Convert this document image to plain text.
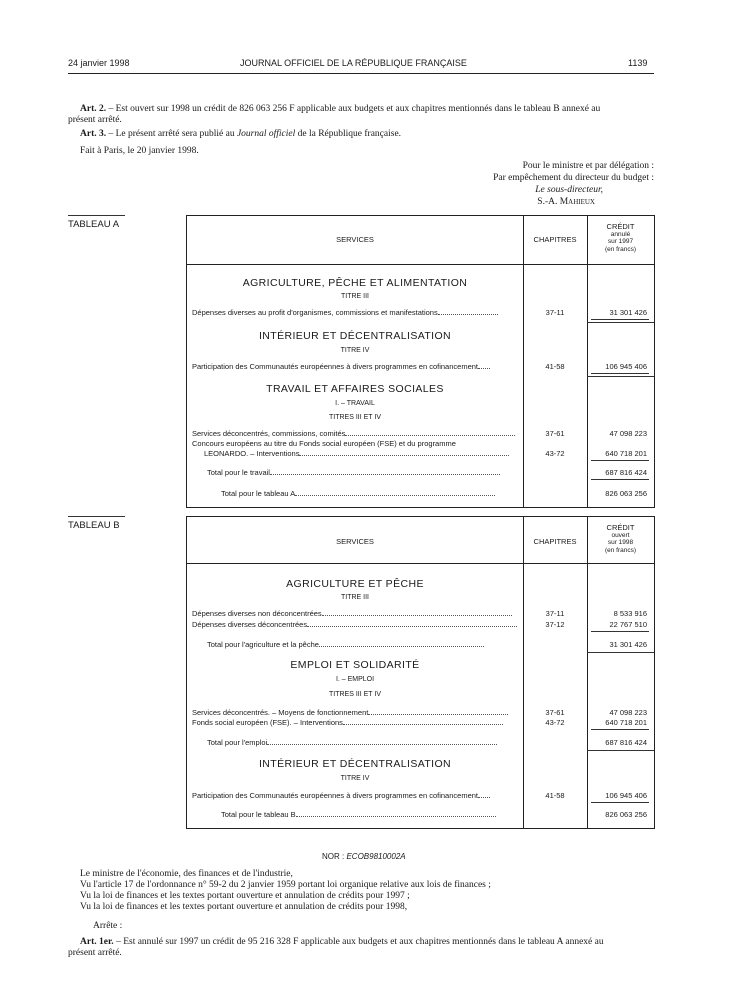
24 janvier 1998	JOURNAL OFFICIEL DE LA RÉPUBLIQUE FRANÇAISE	1139
Art. 2. – Est ouvert sur 1998 un crédit de 826 063 256 F applicable aux budgets et aux chapitres mentionnés dans le tableau B annexé au
présent arrêté.
Art. 3. – Le présent arrêté sera publié au Journal officiel de la République française.
Fait à Paris, le 20 janvier 1998.
Pour le ministre et par délégation :
Par empêchement du directeur du budget :
Le sous-directeur,
S.-A. Mahieux
TABLEAU A
SERVICES	CHAPITRES
CRÉDIT
annulé
sur 1997
(en francs)
AGRICULTURE, PÊCHE ET ALIMENTATION
TITRE III
Dépenses diverses au profit d'organismes, commissions et manifestations	37-11	31 301 426
INTÉRIEUR ET DÉCENTRALISATION
TITRE IV
Participation des Communautés européennes à divers programmes en cofinancement	41-58	106 945 406
TRAVAIL ET AFFAIRES SOCIALES
I. – TRAVAIL
TITRES III ET IV
Services déconcentrés, commissions, comités	37-61	47 098 223
Concours européens au titre du Fonds social européen (FSE) et du programme
LEONARDO. – Interventions	43-72	640 718 201
Total pour le travail	687 816 424
Total pour le tableau A	826 063 256
TABLEAU B
SERVICES	CHAPITRES
CRÉDIT
ouvert
sur 1998
(en francs)
AGRICULTURE ET PÊCHE
TITRE III
Dépenses diverses non déconcentrées	37-11	8 533 916
Dépenses diverses déconcentrées	37-12	22 767 510
Total pour l'agriculture et la pêche	31 301 426
EMPLOI ET SOLIDARITÉ
I. – EMPLOI
TITRES III ET IV
Services déconcentrés. – Moyens de fonctionnement	37-61	47 098 223
Fonds social européen (FSE). – Interventions	43-72	640 718 201
Total pour l'emploi	687 816 424
INTÉRIEUR ET DÉCENTRALISATION
TITRE IV
Participation des Communautés européennes à divers programmes en cofinancement	41-58	106 945 406
Total pour le tableau B	826 063 256
NOR : ECOB9810002A
Le ministre de l'économie, des finances et de l'industrie,
Vu l'article 17 de l'ordonnance n° 59-2 du 2 janvier 1959 portant loi organique relative aux lois de finances ;
Vu la loi de finances et les textes portant ouverture et annulation de crédits pour 1997 ;
Vu la loi de finances et les textes portant ouverture et annulation de crédits pour 1998,
Arrête :
Art. 1er. – Est annulé sur 1997 un crédit de 95 216 328 F applicable aux budgets et aux chapitres mentionnés dans le tableau A annexé au
présent arrêté.
